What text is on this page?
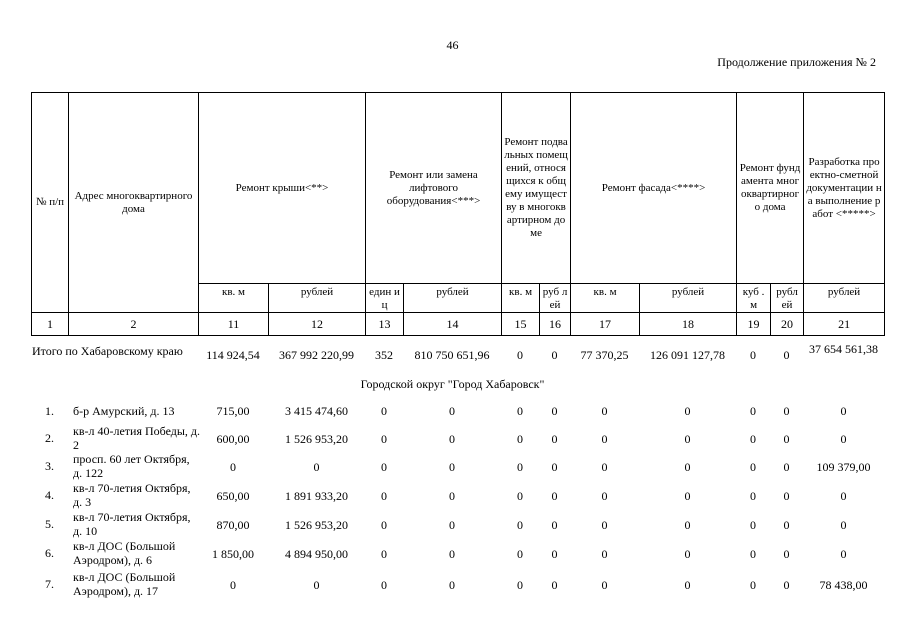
46
Продолжение приложения № 2
№ п/п	Адрес многоквартирного дома	Ремонт крыши<**>		Ремонт или замена лифтового оборудования<***>		Ремонт подвальных помещений, относящихся к общему имуществу в многоквартирном доме		Ремонт фасада<****>		Ремонт фундамента многоквартирного дома		Разработка проектно-сметной документации на выполнение работ <*****>
		кв. м	рублей	един иц	рублей	кв. м	руб лей	кв. м	рублей	куб . м	рубл ей	рублей
1	2	11	12	13	14	15	16	17	18	19	20	21
Итого по Хабаровскому краю	114 924,54	367 992 220,99	352	810 750 651,96	0	0	77 370,25	126 091 127,78	0	0	37 654 561,38
Городской округ "Город Хабаровск"
1.	б-р Амурский, д. 13	715,00	3 415 474,60	0	0	0	0	0	0	0	0	0
2.	кв-л 40-летия Победы, д. 2	600,00	1 526 953,20	0	0	0	0	0	0	0	0	0
3.	просп. 60 лет Октября, д. 122	0	0	0	0	0	0	0	0	0	0	109 379,00
4.	кв-л 70-летия Октября, д. 3	650,00	1 891 933,20	0	0	0	0	0	0	0	0	0
5.	кв-л 70-летия Октября, д. 10	870,00	1 526 953,20	0	0	0	0	0	0	0	0	0
6.	кв-л ДОС (Большой Аэродром), д. 6	1 850,00	4 894 950,00	0	0	0	0	0	0	0	0	0
7.	кв-л ДОС (Большой Аэродром), д. 17	0	0	0	0	0	0	0	0	0	0	78 438,00
